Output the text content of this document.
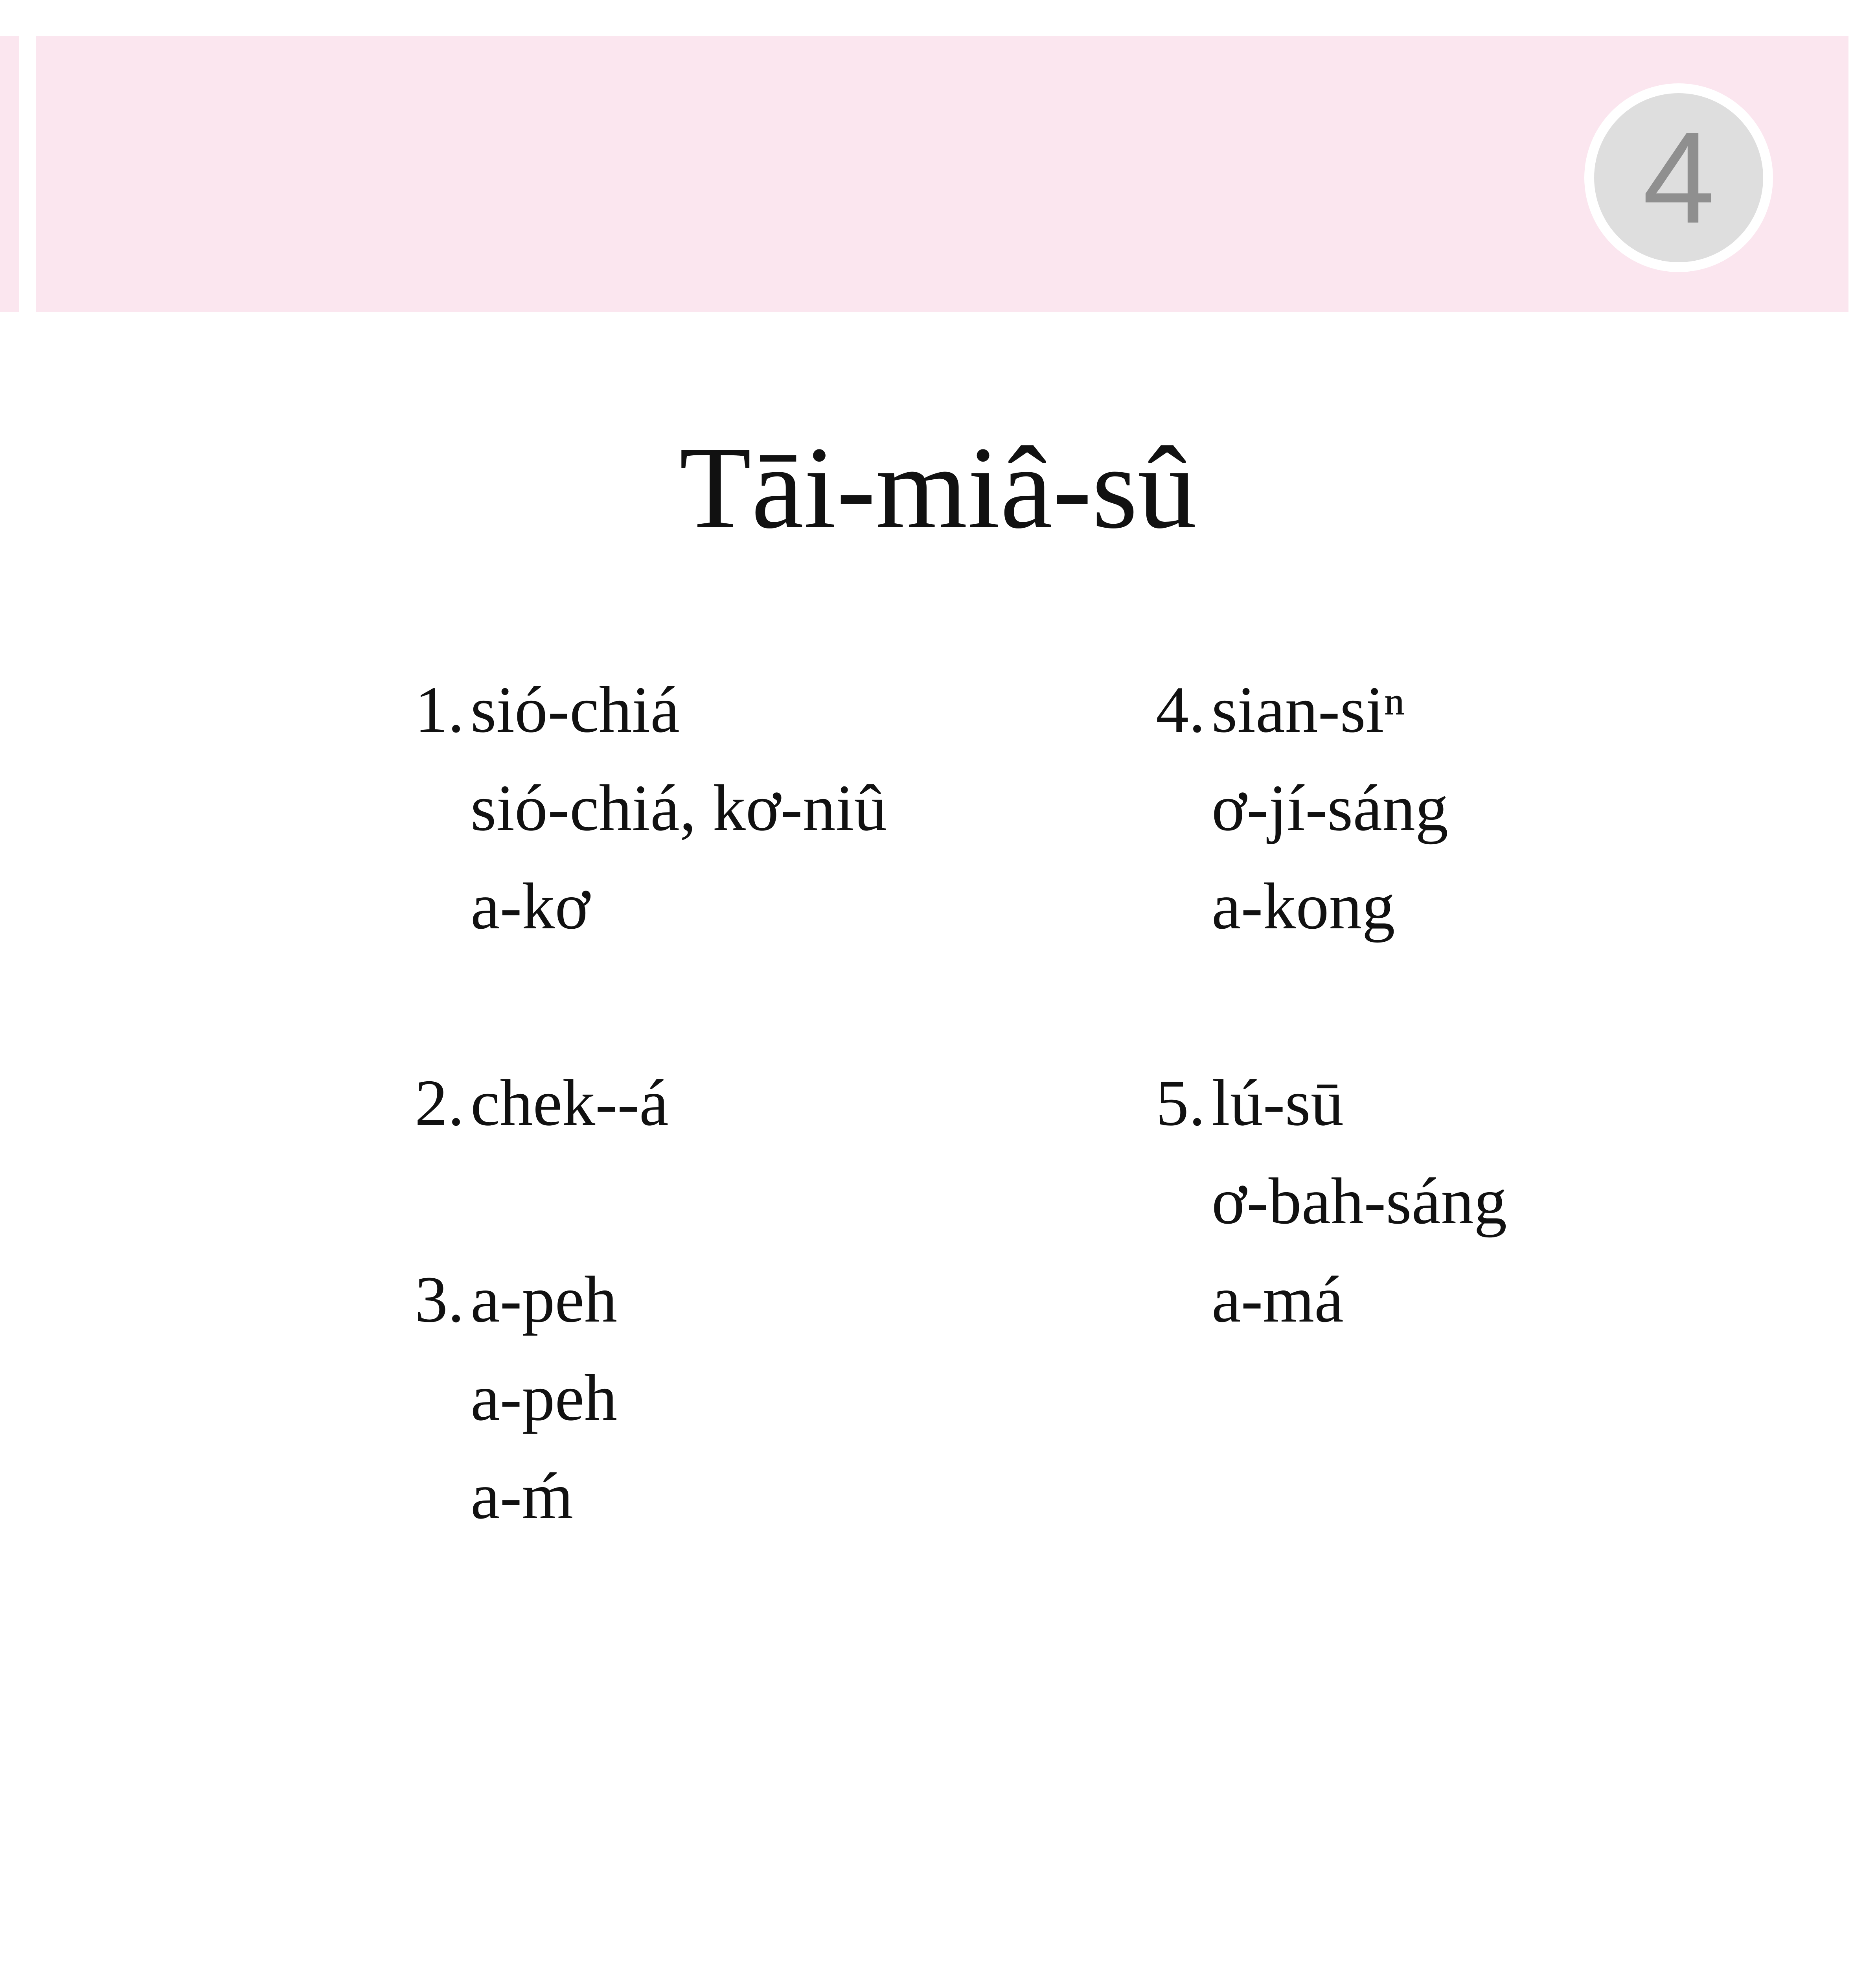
4
Tāi-miâ-sû
1.sió-chiá
sió-chiá, kơ-niû
a-kơ
2.chek--á
3.a-peh
a-peh
a-ḿ
4.sian-siⁿ
ơ-jí-sáng
a-kong
5.lú-sū
ơ-bah-sáng
a-má
